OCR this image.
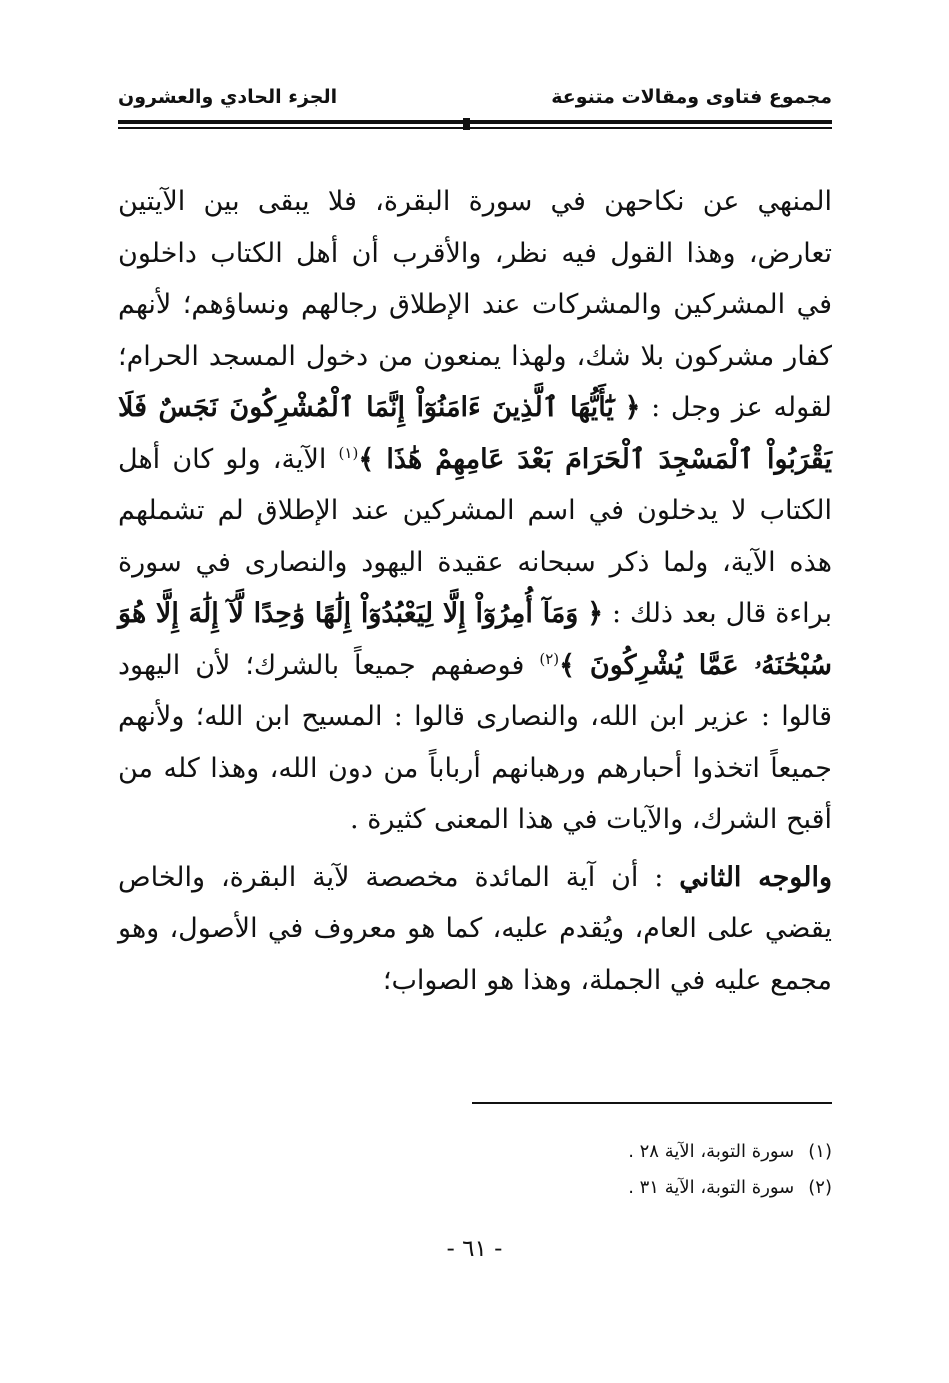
مجموع فتاوى ومقالات متنوعة
الجزء الحادي والعشرون

المنهي عن نكاحهن في سورة البقرة، فلا يبقى بين الآيتين تعارض، وهذا القول فيه نظر، والأقرب أن أهل الكتاب داخلون في المشركين والمشركات عند الإطلاق رجالهم ونساؤهم؛ لأنهم كفار مشركون بلا شك، ولهذا يمنعون من دخول المسجد الحرام؛ لقوله عز وجل : ﴿ يَٰٓأَيُّهَا ٱلَّذِينَ ءَامَنُوٓاْ إِنَّمَا ٱلْمُشْرِكُونَ نَجَسٌ فَلَا يَقْرَبُواْ ٱلْمَسْجِدَ ٱلْحَرَامَ بَعْدَ عَامِهِمْ هَٰذَا ﴾$^{(١)}$ الآية، ولو كان أهل الكتاب لا يدخلون في اسم المشركين عند الإطلاق لم تشملهم هذه الآية، ولما ذكر سبحانه عقيدة اليهود والنصارى في سورة براءة قال بعد ذلك : ﴿ وَمَآ أُمِرُوٓاْ إِلَّا لِيَعْبُدُوٓاْ إِلَٰهًا وَٰحِدًا لَّآ إِلَٰهَ إِلَّا هُوَ سُبْحَٰنَهُۥ عَمَّا يُشْرِكُونَ ﴾$^{(٢)}$ فوصفهم جميعاً بالشرك؛ لأن اليهود قالوا : عزير ابن الله، والنصارى قالوا : المسيح ابن الله؛ ولأنهم جميعاً اتخذوا أحبارهم ورهبانهم أرباباً من دون الله، وهذا كله من أقبح الشرك، والآيات في هذا المعنى كثيرة .

والوجه الثاني : أن آية المائدة مخصصة لآية البقرة، والخاص يقضي على العام، ويُقدم عليه، كما هو معروف في الأصول، وهو مجمع عليه في الجملة، وهذا هو الصواب؛

(١)سورة التوبة، الآية ٢٨ .
(٢)سورة التوبة، الآية ٣١ .
- ٦١ -
